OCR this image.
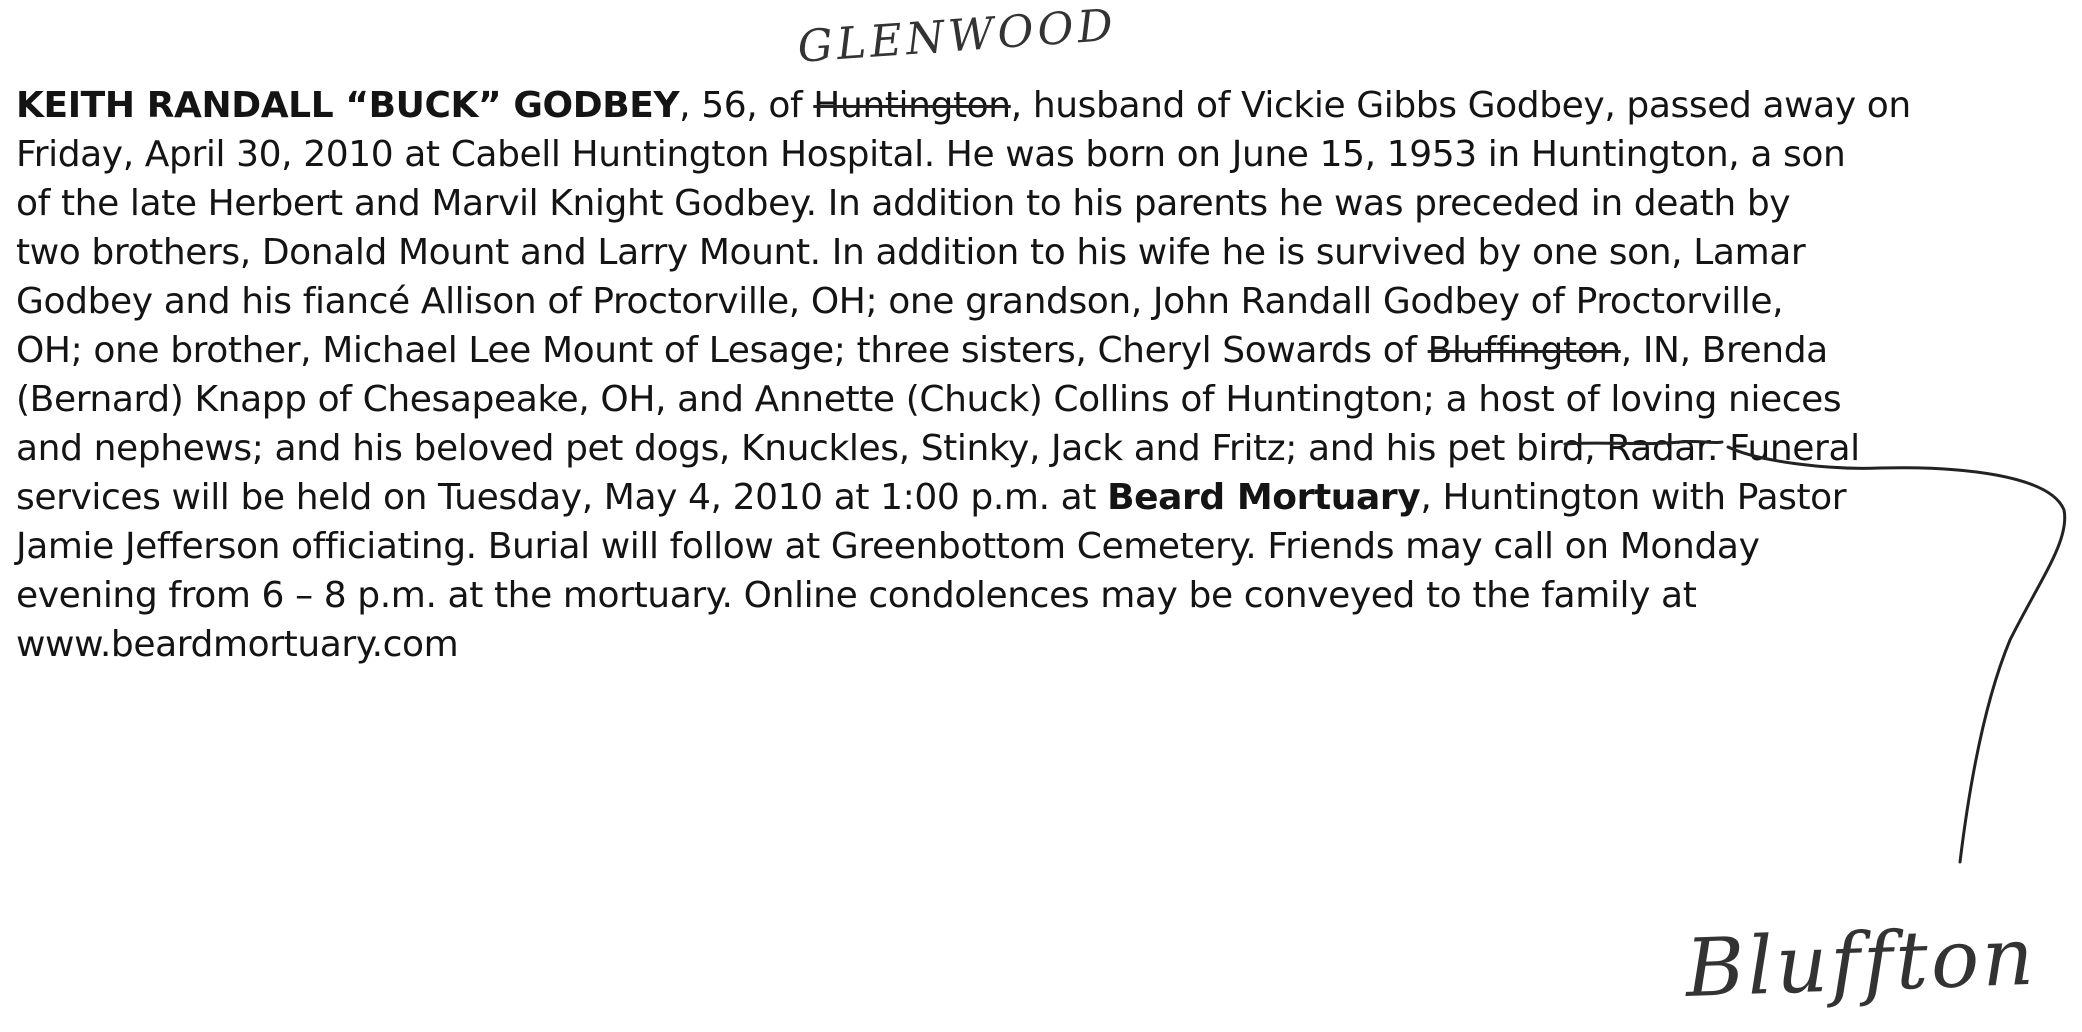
KEITH RANDALL “BUCK” GODBEY, 56, of Huntington, husband of Vickie Gibbs Godbey, passed away on
Friday, April 30, 2010 at Cabell Huntington Hospital. He was born on June 15, 1953 in Huntington, a son
of the late Herbert and Marvil Knight Godbey. In addition to his parents he was preceded in death by
two brothers, Donald Mount and Larry Mount. In addition to his wife he is survived by one son, Lamar
Godbey and his fiancé Allison of Proctorville, OH; one grandson, John Randall Godbey of Proctorville,
OH; one brother, Michael Lee Mount of Lesage; three sisters, Cheryl Sowards of Bluffington, IN, Brenda
(Bernard) Knapp of Chesapeake, OH, and Annette (Chuck) Collins of Huntington; a host of loving nieces
and nephews; and his beloved pet dogs, Knuckles, Stinky, Jack and Fritz; and his pet bird, Radar. Funeral
services will be held on Tuesday, May 4, 2010 at 1:00 p.m. at Beard Mortuary, Huntington with Pastor
Jamie Jefferson officiating. Burial will follow at Greenbottom Cemetery. Friends may call on Monday
evening from 6 – 8 p.m. at the mortuary. Online condolences may be conveyed to the family at
www.beardmortuary.com
GLENWOOD
Bluffton
